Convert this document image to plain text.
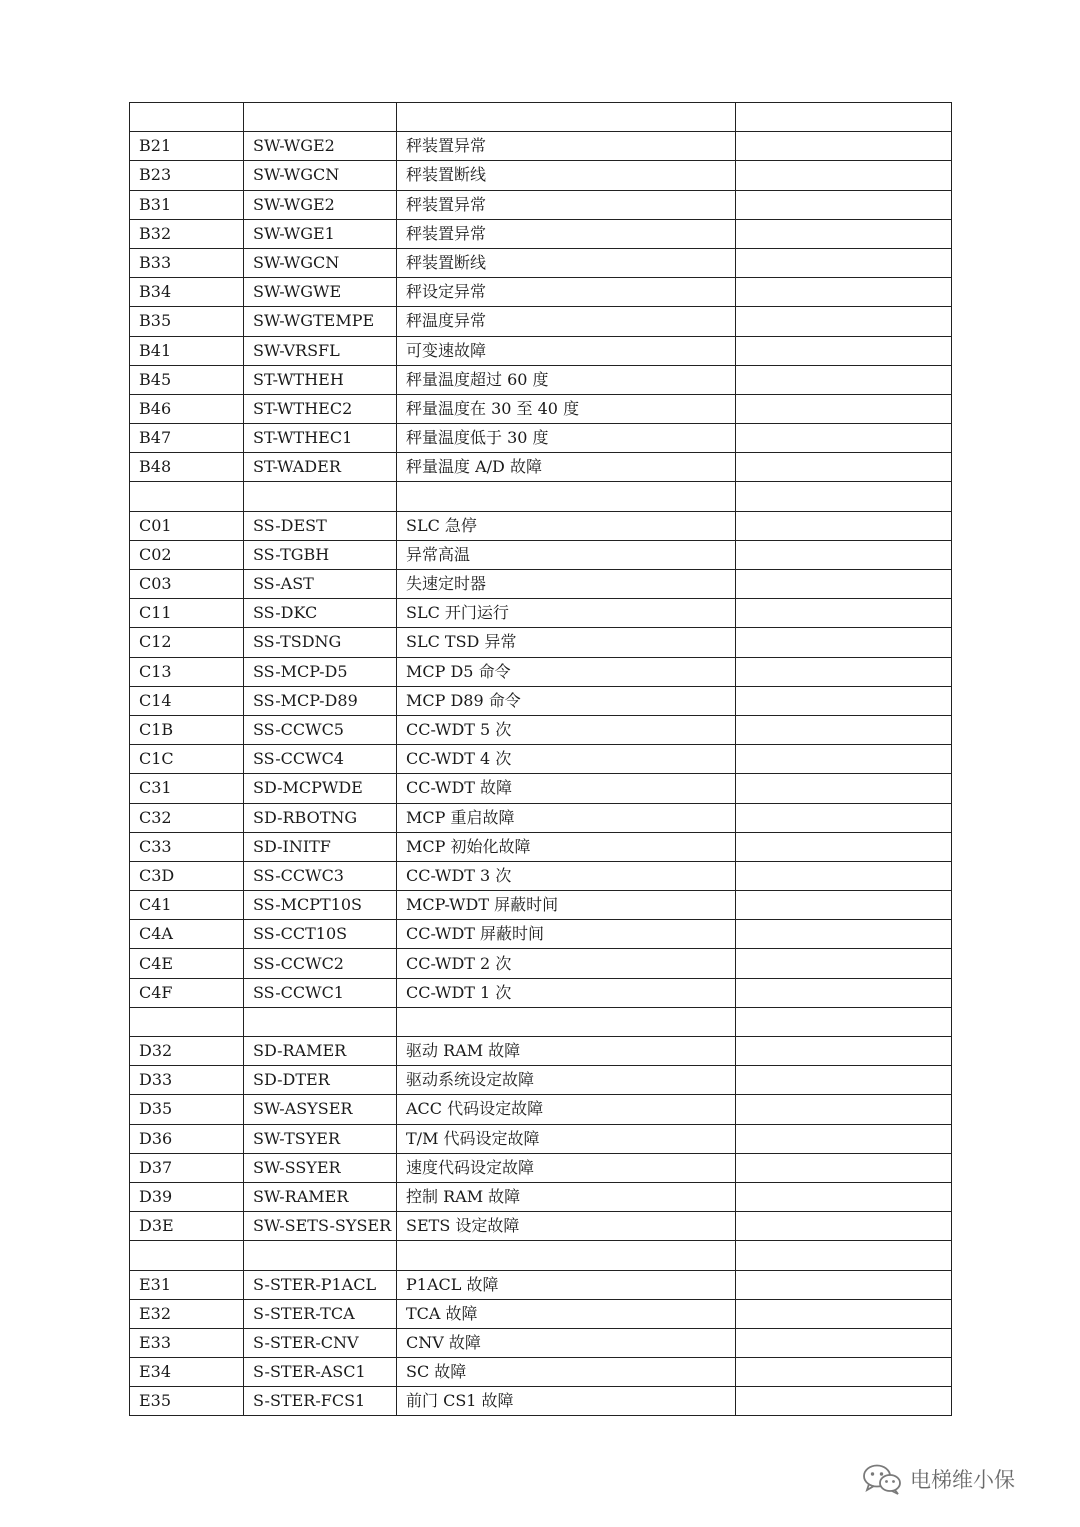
B21	SW-WGE2	秤装置异常	
B23	SW-WGCN	秤装置断线	
B31	SW-WGE2	秤装置异常	
B32	SW-WGE1	秤装置异常	
B33	SW-WGCN	秤装置断线	
B34	SW-WGWE	秤设定异常	
B35	SW-WGTEMPE	秤温度异常	
B41	SW-VRSFL	可变速故障	
B45	ST-WTHEH	秤量温度超过 60 度	
B46	ST-WTHEC2	秤量温度在 30 至 40 度	
B47	ST-WTHEC1	秤量温度低于 30 度	
B48	ST-WADER	秤量温度 A/D 故障	

C01	SS-DEST	SLC 急停	
C02	SS-TGBH	异常高温	
C03	SS-AST	失速定时器	
C11	SS-DKC	SLC 开门运行	
C12	SS-TSDNG	SLC TSD 异常	
C13	SS-MCP-D5	MCP D5 命令	
C14	SS-MCP-D89	MCP D89 命令	
C1B	SS-CCWC5	CC-WDT 5 次	
C1C	SS-CCWC4	CC-WDT 4 次	
C31	SD-MCPWDE	CC-WDT 故障	
C32	SD-RBOTNG	MCP 重启故障	
C33	SD-INITF	MCP 初始化故障	
C3D	SS-CCWC3	CC-WDT 3 次	
C41	SS-MCPT10S	MCP-WDT 屏蔽时间	
C4A	SS-CCT10S	CC-WDT 屏蔽时间	
C4E	SS-CCWC2	CC-WDT 2 次	
C4F	SS-CCWC1	CC-WDT 1 次	

D32	SD-RAMER	驱动 RAM 故障	
D33	SD-DTER	驱动系统设定故障	
D35	SW-ASYSER	ACC 代码设定故障	
D36	SW-TSYER	T/M 代码设定故障	
D37	SW-SSYER	速度代码设定故障	
D39	SW-RAMER	控制 RAM 故障	
D3E	SW-SETS-SYSER	SETS 设定故障	

E31	S-STER-P1ACL	P1ACL 故障	
E32	S-STER-TCA	TCA 故障	
E33	S-STER-CNV	CNV 故障	
E34	S-STER-ASC1	SC 故障	
E35	S-STER-FCS1	前门 CS1 故障	
电梯维小保
